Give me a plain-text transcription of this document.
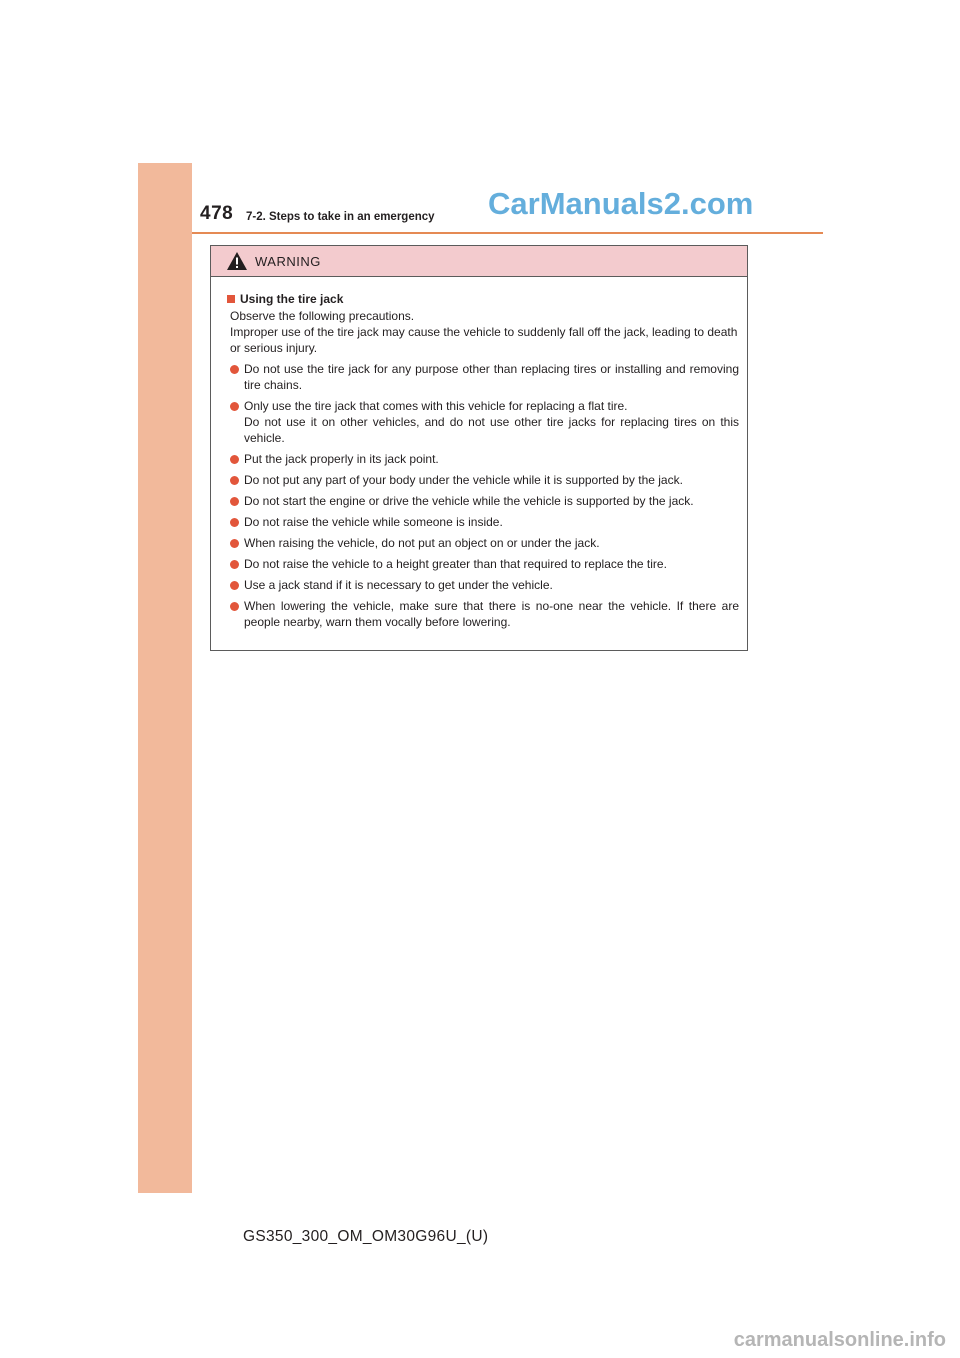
478 7-2. Steps to take in an emergency CarManuals2.com
WARNING
Using the tire jack
Observe the following precautions.
Improper use of the tire jack may cause the vehicle to suddenly fall off the jack, leading to death or serious injury.
Do not use the tire jack for any purpose other than replacing tires or installing and removing tire chains.
Only use the tire jack that comes with this vehicle for replacing a flat tire.
Do not use it on other vehicles, and do not use other tire jacks for replacing tires on this vehicle.
Put the jack properly in its jack point.
Do not put any part of your body under the vehicle while it is supported by the jack.
Do not start the engine or drive the vehicle while the vehicle is supported by the jack.
Do not raise the vehicle while someone is inside.
When raising the vehicle, do not put an object on or under the jack.
Do not raise the vehicle to a height greater than that required to replace the tire.
Use a jack stand if it is necessary to get under the vehicle.
When lowering the vehicle, make sure that there is no-one near the vehicle. If there are people nearby, warn them vocally before lowering.
GS350_300_OM_OM30G96U_(U)
carmanualsonline.info
